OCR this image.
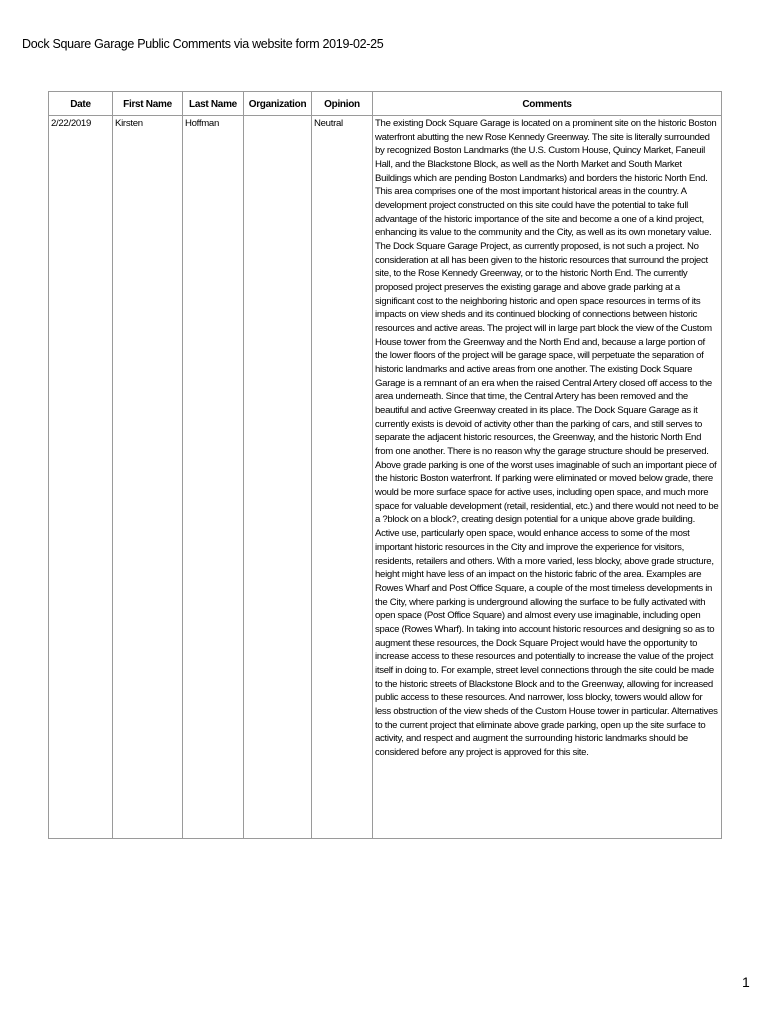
Dock Square Garage Public Comments via website form 2019-02-25
Date	First Name	Last Name	Organization	Opinion	Comments
2/22/2019	Kirsten	Hoffman		Neutral	The existing Dock Square Garage is located on a prominent site on the historic Boston waterfront abutting the new Rose Kennedy Greenway. The site is literally surrounded by recognized Boston Landmarks (the U.S. Custom House, Quincy Market, Faneuil Hall, and the Blackstone Block, as well as the North Market and South Market Buildings which are pending Boston Landmarks) and borders the historic North End. This area comprises one of the most important historical areas in the country. A development project constructed on this site could have the potential to take full advantage of the historic importance of the site and become a one of a kind project, enhancing its value to the community and the City, as well as its own monetary value. The Dock Square Garage Project, as currently proposed, is not such a project. No consideration at all has been given to the historic resources that surround the project site, to the Rose Kennedy Greenway, or to the historic North End. The currently proposed project preserves the existing garage and above grade parking at a significant cost to the neighboring historic and open space resources in terms of its impacts on view sheds and its continued blocking of connections between historic resources and active areas. The project will in large part block the view of the Custom House tower from the Greenway and the North End and, because a large portion of the lower floors of the project will be garage space, will perpetuate the separation of historic landmarks and active areas from one another. The existing Dock Square Garage is a remnant of an era when the raised Central Artery closed off access to the area underneath. Since that time, the Central Artery has been removed and the beautiful and active Greenway created in its place. The Dock Square Garage as it currently exists is devoid of activity other than the parking of cars, and still serves to separate the adjacent historic resources, the Greenway, and the historic North End from one another. There is no reason why the garage structure should be preserved. Above grade parking is one of the worst uses imaginable of such an important piece of the historic Boston waterfront. If parking were eliminated or moved below grade, there would be more surface space for active uses, including open space, and much more space for valuable development (retail, residential, etc.) and there would not need to be a ?block on a block?, creating design potential for a unique above grade building. Active use, particularly open space, would enhance access to some of the most important historic resources in the City and improve the experience for visitors, residents, retailers and others. With a more varied, less blocky, above grade structure, height might have less of an impact on the historic fabric of the area. Examples are Rowes Wharf and Post Office Square, a couple of the most timeless developments in the City, where parking is underground allowing the surface to be fully activated with open space (Post Office Square) and almost every use imaginable, including open space (Rowes Wharf). In taking into account historic resources and designing so as to augment these resources, the Dock Square Project would have the opportunity to increase access to these resources and potentially to increase the value of the project itself in doing to. For example, street level connections through the site could be made to the historic streets of Blackstone Block and to the Greenway, allowing for increased public access to these resources. And narrower, loss blocky, towers would allow for less obstruction of the view sheds of the Custom House tower in particular. Alternatives to the current project that eliminate above grade parking, open up the site surface to activity, and respect and augment the surrounding historic landmarks should be considered before any project is approved for this site.
1
